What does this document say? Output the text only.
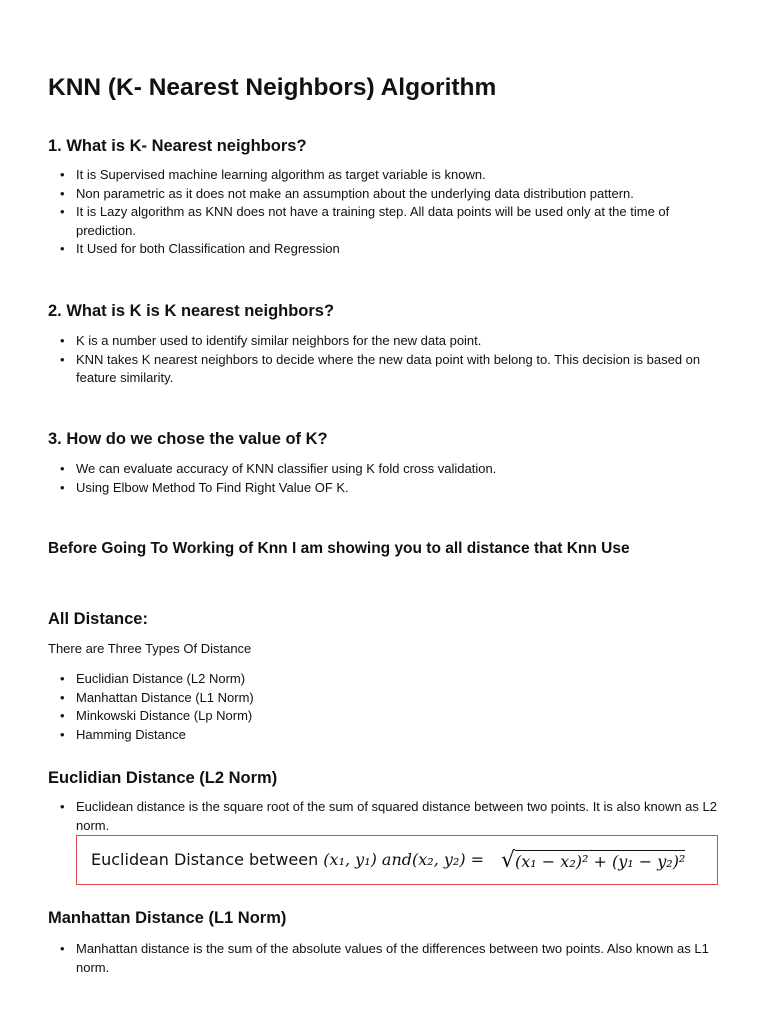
KNN (K- Nearest Neighbors) Algorithm
1. What is K- Nearest neighbors?
• It is Supervised machine learning algorithm as target variable is known.
• Non parametric as it does not make an assumption about the underlying data distribution pattern.
• It is Lazy algorithm as KNN does not have a training step. All data points will be used only at the time of prediction.
• It Used for both Classification and Regression
2. What is K is K nearest neighbors?
• K is a number used to identify similar neighbors for the new data point.
• KNN takes K nearest neighbors to decide where the new data point with belong to. This decision is based on feature similarity.
3. How do we chose the value of K?
• We can evaluate accuracy of KNN classifier using K fold cross validation.
• Using Elbow Method To Find Right Value OF K.
Before Going To Working of Knn I am showing you to all distance that Knn Use
All Distance:

There are Three Types Of Distance

• Euclidian Distance (L2 Norm)
• Manhattan Distance (L1 Norm)
• Minkowski Distance (Lp Norm)
• Hamming Distance
Euclidian Distance (L2 Norm)
• Euclidean distance is the square root of the sum of squared distance between two points. It is also known as L2 norm.
Euclidean Distance between (x₁, y₁) and(x₂, y₂) = √(x₁ − x₂)² + (y₁ − y₂)²
Manhattan Distance (L1 Norm)
• Manhattan distance is the sum of the absolute values of the differences between two points. Also known as L1 norm.
